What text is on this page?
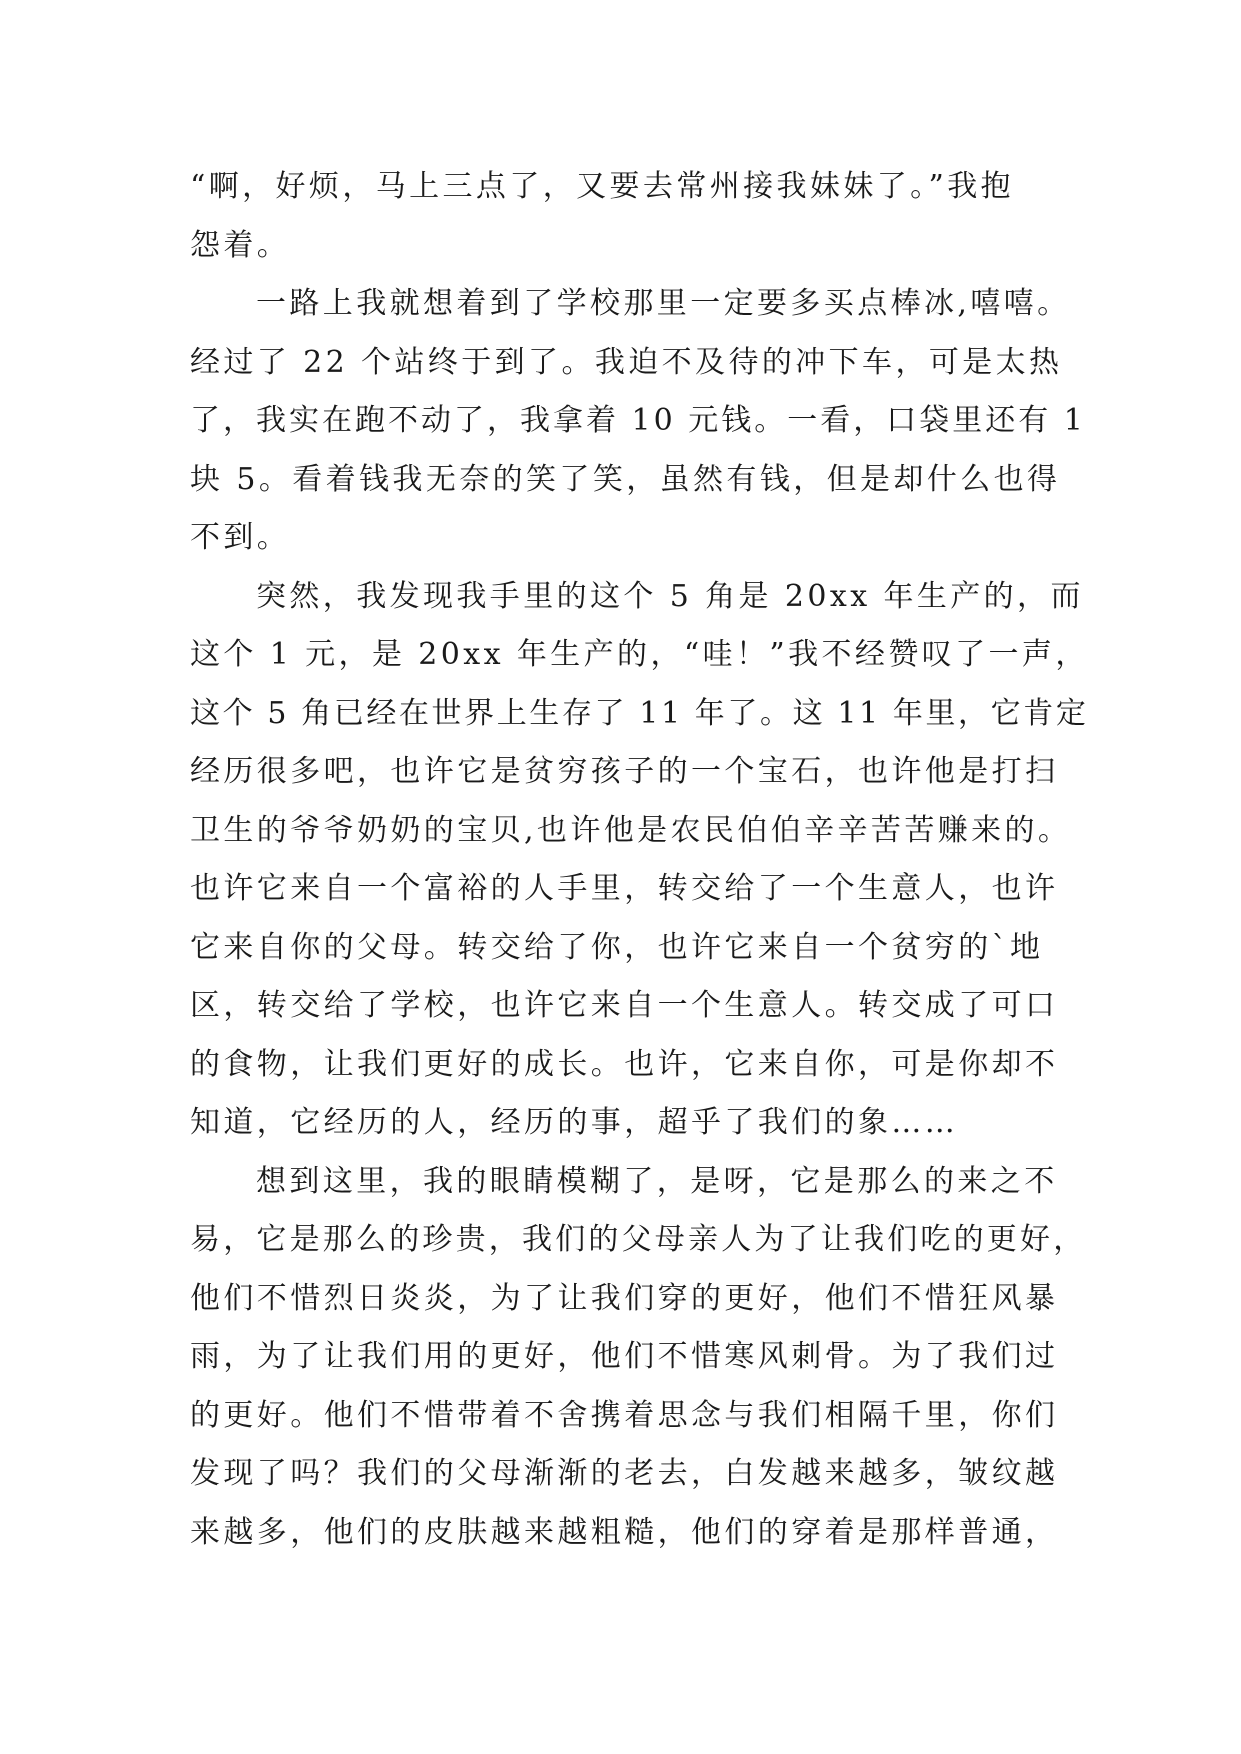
“啊，好烦，马上三点了，又要去常州接我妹妹了。”我抱
怨着。
一路上我就想着到了学校那里一定要多买点棒冰,嘻嘻。
经过了 22 个站终于到了。我迫不及待的冲下车，可是太热
了，我实在跑不动了，我拿着 10 元钱。一看，口袋里还有 1
块 5。看着钱我无奈的笑了笑，虽然有钱，但是却什么也得
不到。
突然，我发现我手里的这个 5 角是 20xx 年生产的，而
这个 1 元，是 20xx 年生产的，“哇！”我不经赞叹了一声，
这个 5 角已经在世界上生存了 11 年了。这 11 年里，它肯定
经历很多吧，也许它是贫穷孩子的一个宝石，也许他是打扫
卫生的爷爷奶奶的宝贝,也许他是农民伯伯辛辛苦苦赚来的。
也许它来自一个富裕的人手里，转交给了一个生意人，也许
它来自你的父母。转交给了你，也许它来自一个贫穷的`地
区，转交给了学校，也许它来自一个生意人。转交成了可口
的食物，让我们更好的成长。也许，它来自你，可是你却不
知道，它经历的人，经历的事，超乎了我们的象……
想到这里，我的眼睛模糊了，是呀，它是那么的来之不
易，它是那么的珍贵，我们的父母亲人为了让我们吃的更好，
他们不惜烈日炎炎，为了让我们穿的更好，他们不惜狂风暴
雨，为了让我们用的更好，他们不惜寒风刺骨。为了我们过
的更好。他们不惜带着不舍携着思念与我们相隔千里，你们
发现了吗？我们的父母渐渐的老去，白发越来越多，皱纹越
来越多，他们的皮肤越来越粗糙，他们的穿着是那样普通，
